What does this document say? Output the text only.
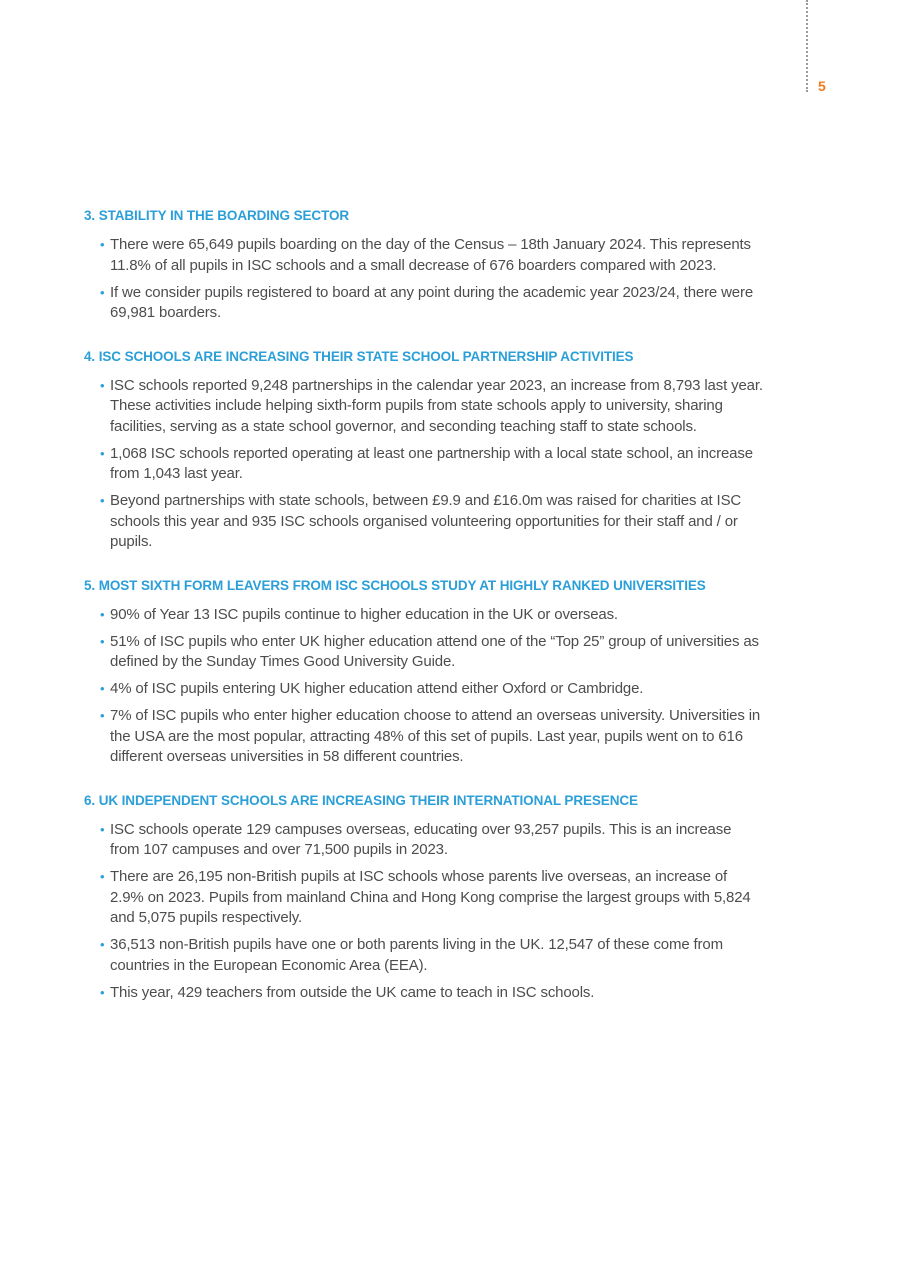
5
3. STABILITY IN THE BOARDING SECTOR
• There were 65,649 pupils boarding on the day of the Census – 18th January 2024. This represents 11.8% of all pupils in ISC schools and a small decrease of 676 boarders compared with 2023.
• If we consider pupils registered to board at any point during the academic year 2023/24, there were 69,981 boarders.
4. ISC SCHOOLS ARE INCREASING THEIR STATE SCHOOL PARTNERSHIP ACTIVITIES
• ISC schools reported 9,248 partnerships in the calendar year 2023, an increase from 8,793 last year. These activities include helping sixth-form pupils from state schools apply to university, sharing facilities, serving as a state school governor, and seconding teaching staff to state schools.
• 1,068 ISC schools reported operating at least one partnership with a local state school, an increase from 1,043 last year.
• Beyond partnerships with state schools, between £9.9 and £16.0m was raised for charities at ISC schools this year and 935 ISC schools organised volunteering opportunities for their staff and / or pupils.
5. MOST SIXTH FORM LEAVERS FROM ISC SCHOOLS STUDY AT HIGHLY RANKED UNIVERSITIES
• 90% of Year 13 ISC pupils continue to higher education in the UK or overseas.
• 51% of ISC pupils who enter UK higher education attend one of the “Top 25” group of universities as defined by the Sunday Times Good University Guide.
• 4% of ISC pupils entering UK higher education attend either Oxford or Cambridge.
• 7% of ISC pupils who enter higher education choose to attend an overseas university. Universities in the USA are the most popular, attracting 48% of this set of pupils. Last year, pupils went on to 616 different overseas universities in 58 different countries.
6. UK INDEPENDENT SCHOOLS ARE INCREASING THEIR INTERNATIONAL PRESENCE
• ISC schools operate 129 campuses overseas, educating over 93,257 pupils. This is an increase from 107 campuses and over 71,500 pupils in 2023.
• There are 26,195 non-British pupils at ISC schools whose parents live overseas, an increase of 2.9% on 2023. Pupils from mainland China and Hong Kong comprise the largest groups with 5,824 and 5,075 pupils respectively.
• 36,513 non-British pupils have one or both parents living in the UK. 12,547 of these come from countries in the European Economic Area (EEA).
• This year, 429 teachers from outside the UK came to teach in ISC schools.
